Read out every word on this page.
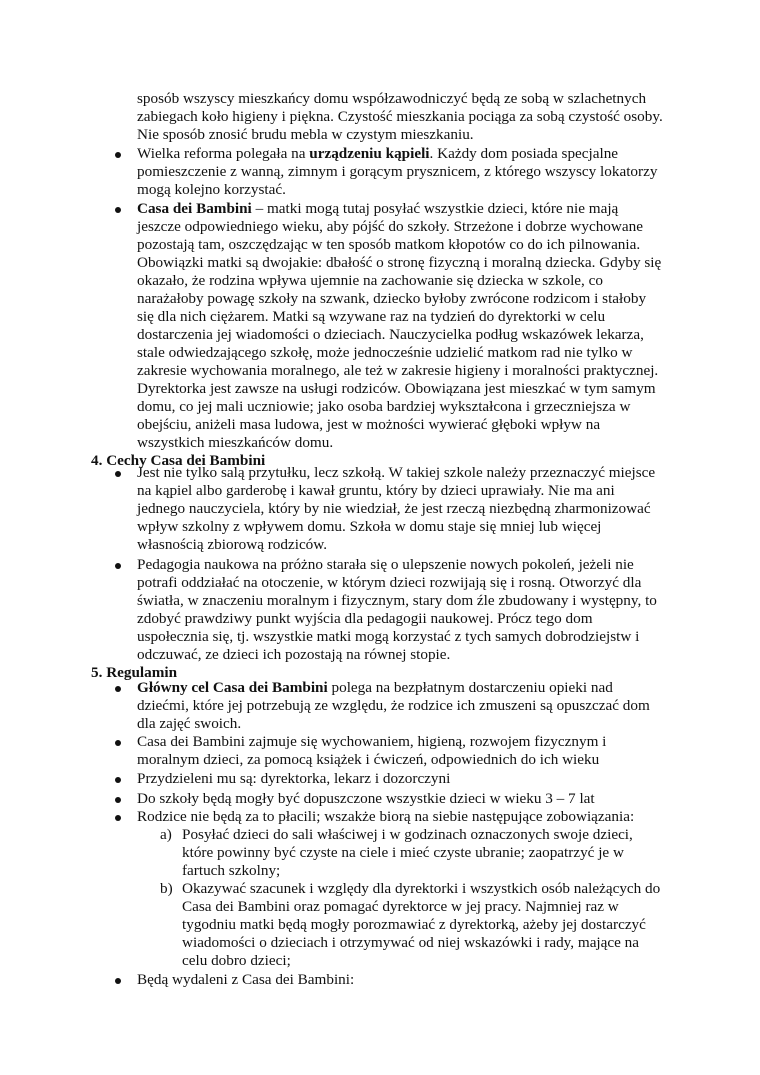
sposób wszyscy mieszkańcy domu współzawodniczyć będą ze sobą w szlachetnych
zabiegach koło higieny i piękna. Czystość mieszkania pociąga za sobą czystość osoby.
Nie sposób znosić brudu mebla w czystym mieszkaniu.
Wielka reforma polegała na urządzeniu kąpieli. Każdy dom posiada specjalne
pomieszczenie z wanną, zimnym i gorącym prysznicem, z którego wszyscy lokatorzy
mogą kolejno korzystać.
Casa dei Bambini – matki mogą tutaj posyłać wszystkie dzieci, które nie mają
jeszcze odpowiedniego wieku, aby pójść do szkoły. Strzeżone i dobrze wychowane
pozostają tam, oszczędzając w ten sposób matkom kłopotów co do ich pilnowania.
Obowiązki matki są dwojakie: dbałość o stronę fizyczną i moralną dziecka. Gdyby się
okazało, że rodzina wpływa ujemnie na zachowanie się dziecka w szkole, co
narażałoby powagę szkoły na szwank, dziecko byłoby zwrócone rodzicom i stałoby
się dla nich ciężarem. Matki są wzywane raz na tydzień do dyrektorki w celu
dostarczenia jej wiadomości o dzieciach. Nauczycielka podług wskazówek lekarza,
stale odwiedzającego szkołę, może jednocześnie udzielić matkom rad nie tylko w
zakresie wychowania moralnego, ale też w zakresie higieny i moralności praktycznej.
Dyrektorka jest zawsze na usługi rodziców. Obowiązana jest mieszkać w tym samym
domu, co jej mali uczniowie; jako osoba bardziej wykształcona i grzeczniejsza w
obejściu, aniżeli masa ludowa, jest w możności wywierać głęboki wpływ na
wszystkich mieszkańców domu.
4. Cechy Casa dei Bambini
Jest nie tylko salą przytułku, lecz szkołą. W takiej szkole należy przeznaczyć miejsce
na kąpiel albo garderobę i kawał gruntu, który by dzieci uprawiały. Nie ma ani
jednego nauczyciela, który by nie wiedział, że jest rzeczą niezbędną zharmonizować
wpływ szkolny z wpływem domu. Szkoła w domu staje się mniej lub więcej
własnością zbiorową rodziców.
Pedagogia naukowa na próżno starała się o ulepszenie nowych pokoleń, jeżeli nie
potrafi oddziałać na otoczenie, w którym dzieci rozwijają się i rosną. Otworzyć dla
światła, w znaczeniu moralnym i fizycznym, stary dom źle zbudowany i występny, to
zdobyć prawdziwy punkt wyjścia dla pedagogii naukowej. Prócz tego dom
uspołecznia się, tj. wszystkie matki mogą korzystać z tych samych dobrodziejstw i
odczuwać, ze dzieci ich pozostają na równej stopie.
5. Regulamin
Główny cel Casa dei Bambini polega na bezpłatnym dostarczeniu opieki nad
dziećmi, które jej potrzebują ze względu, że rodzice ich zmuszeni są opuszczać dom
dla zajęć swoich.
Casa dei Bambini zajmuje się wychowaniem, higieną, rozwojem fizycznym i
moralnym dzieci, za pomocą książek i ćwiczeń, odpowiednich do ich wieku
Przydzieleni mu są: dyrektorka, lekarz i dozorczyni
Do szkoły będą mogły być dopuszczone wszystkie dzieci w wieku 3 – 7 lat
Rodzice nie będą za to płacili; wszakże biorą na siebie następujące zobowiązania:
a) Posyłać dzieci do sali właściwej i w godzinach oznaczonych swoje dzieci,
które powinny być czyste na ciele i mieć czyste ubranie; zaopatrzyć je w
fartuch szkolny;
b) Okazywać szacunek i względy dla dyrektorki i wszystkich osób należących do
Casa dei Bambini oraz pomagać dyrektorce w jej pracy. Najmniej raz w
tygodniu matki będą mogły porozmawiać z dyrektorką, ażeby jej dostarczyć
wiadomości o dzieciach i otrzymywać od niej wskazówki i rady, mające na
celu dobro dzieci;
Będą wydaleni z Casa dei Bambini:
